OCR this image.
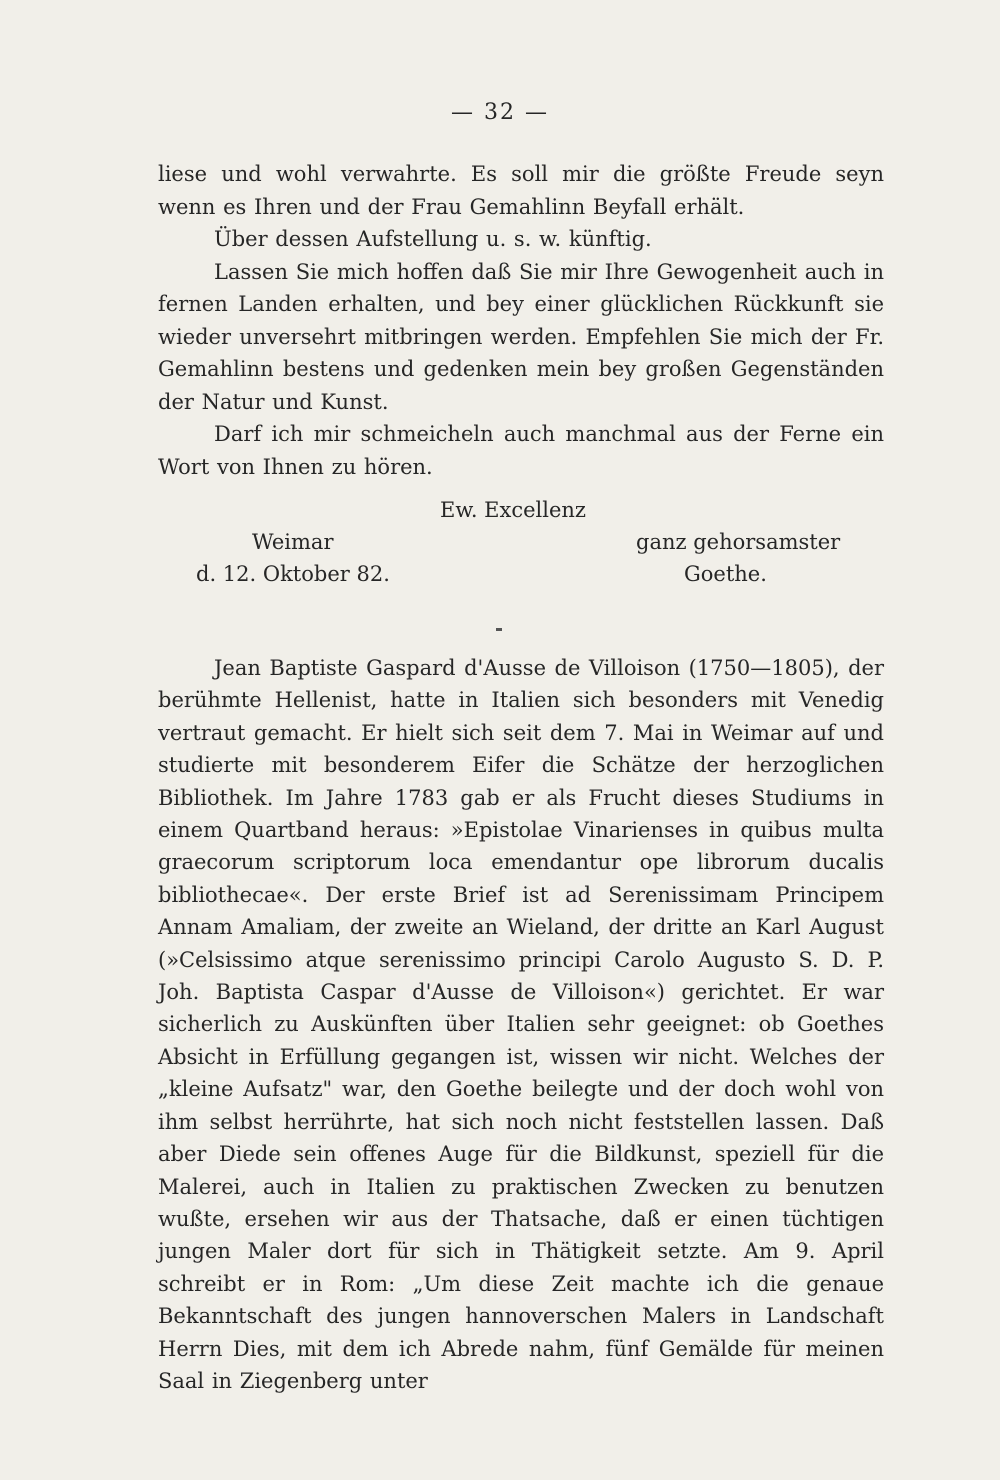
— 32 —

liese und wohl verwahrte. Es soll mir die größte Freude seyn wenn es Ihren und der Frau Gemahlinn Beyfall erhält.

Über dessen Aufstellung u. s. w. künftig.

Lassen Sie mich hoffen daß Sie mir Ihre Gewogenheit auch in fernen Landen erhalten, und bey einer glücklichen Rückkunft sie wieder unversehrt mitbringen werden. Empfehlen Sie mich der Fr. Gemahlinn bestens und gedenken mein bey großen Gegenständen der Natur und Kunst.

Darf ich mir schmeicheln auch manchmal aus der Ferne ein Wort von Ihnen zu hören.

Ew. Excellenz
Weimar	ganz gehorsamster
d. 12. Oktober 82.	Goethe.

Jean Baptiste Gaspard d'Ausse de Villoison (1750—1805), der berühmte Hellenist, hatte in Italien sich besonders mit Venedig vertraut gemacht. Er hielt sich seit dem 7. Mai in Weimar auf und studierte mit besonderem Eifer die Schätze der herzoglichen Bibliothek. Im Jahre 1783 gab er als Frucht dieses Studiums in einem Quartband heraus: »Epistolae Vinarienses in quibus multa graecorum scriptorum loca emendantur ope librorum ducalis bibliothecae«. Der erste Brief ist ad Serenissimam Principem Annam Amaliam, der zweite an Wieland, der dritte an Karl August (»Celsissimo atque serenissimo principi Carolo Augusto S. D. P. Joh. Baptista Caspar d'Ausse de Villoison«) gerichtet. Er war sicherlich zu Auskünften über Italien sehr geeignet: ob Goethes Absicht in Erfüllung gegangen ist, wissen wir nicht. Welches der „kleine Aufsatz" war, den Goethe beilegte und der doch wohl von ihm selbst herrührte, hat sich noch nicht feststellen lassen. Daß aber Diede sein offenes Auge für die Bildkunst, speziell für die Malerei, auch in Italien zu praktischen Zwecken zu benutzen wußte, ersehen wir aus der Thatsache, daß er einen tüchtigen jungen Maler dort für sich in Thätigkeit setzte. Am 9. April schreibt er in Rom: „Um diese Zeit machte ich die genaue Bekanntschaft des jungen hannoverschen Malers in Landschaft Herrn Dies, mit dem ich Abrede nahm, fünf Gemälde für meinen Saal in Ziegenberg unter
